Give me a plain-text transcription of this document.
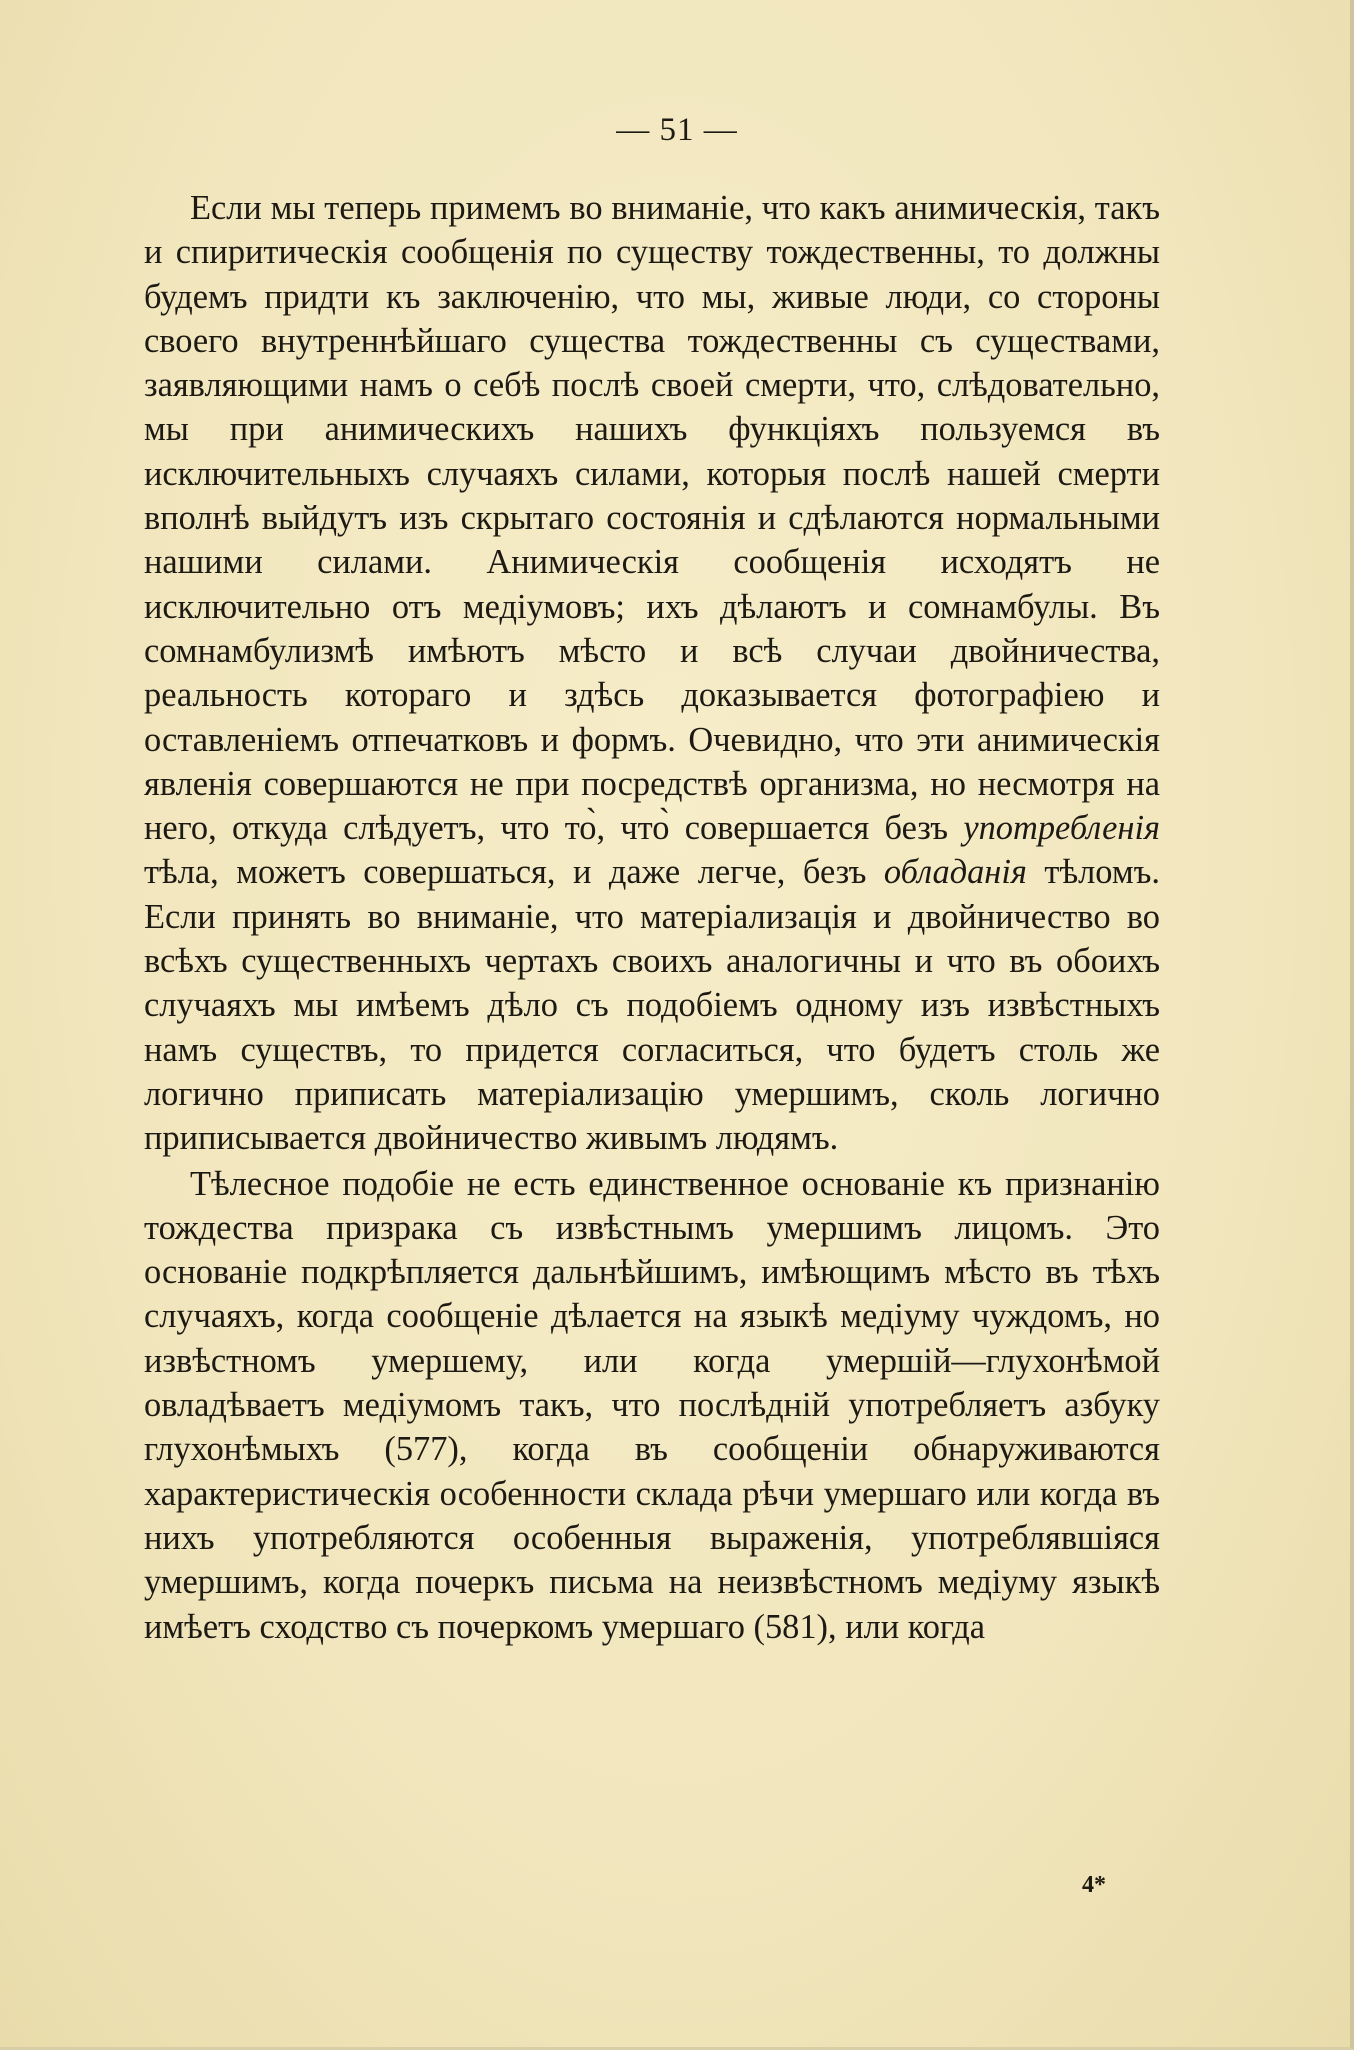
— 51 —

Если мы теперь примемъ во вниманіе, что какъ анимическія, такъ и спиритическія сообщенія по существу тождественны, то должны будемъ придти къ заключенію, что мы, живые люди, со стороны своего внутреннѣйшаго существа тождественны съ существами, заявляющими намъ о себѣ послѣ своей смерти, что, слѣдовательно, мы при анимическихъ нашихъ функціяхъ пользуемся въ исключительныхъ случаяхъ силами, которыя послѣ нашей смерти вполнѣ выйдутъ изъ скрытаго состоянія и сдѣлаются нормальными нашими силами. Анимическія сообщенія исходятъ не исключительно отъ медіумовъ; ихъ дѣлаютъ и сомнамбулы. Въ сомнамбулизмѣ имѣютъ мѣсто и всѣ случаи двойничества, реальность котораго и здѣсь доказывается фотографіею и оставленіемъ отпечатковъ и формъ. Очевидно, что эти анимическія явленія совершаются не при посредствѣ организма, но несмотря на него, откуда слѣдуетъ, что то̀, что̀ совершается безъ употребленія тѣла, можетъ совершаться, и даже легче, безъ обладанія тѣломъ. Если принять во вниманіе, что матеріализація и двойничество во всѣхъ существенныхъ чертахъ своихъ аналогичны и что въ обоихъ случаяхъ мы имѣемъ дѣло съ подобіемъ одному изъ извѣстныхъ намъ существъ, то придется согласиться, что будетъ столь же логично приписать матеріализацію умершимъ, сколь логично приписывается двойничество живымъ людямъ.

Тѣлесное подобіе не есть единственное основаніе къ признанію тождества призрака съ извѣстнымъ умершимъ лицомъ. Это основаніе подкрѣпляется дальнѣйшимъ, имѣющимъ мѣсто въ тѣхъ случаяхъ, когда сообщеніе дѣлается на языкѣ медіуму чуждомъ, но извѣстномъ умершему, или когда умершій—глухонѣмой овладѣваетъ медіумомъ такъ, что послѣдній употребляетъ азбуку глухонѣмыхъ (577), когда въ сообщеніи обнаруживаются характеристическія особенности склада рѣчи умершаго или когда въ нихъ употребляются особенныя выраженія, употреблявшіяся умершимъ, когда почеркъ письма на неизвѣстномъ медіуму языкѣ имѣетъ сходство съ почеркомъ умершаго (581), или когда

4*
